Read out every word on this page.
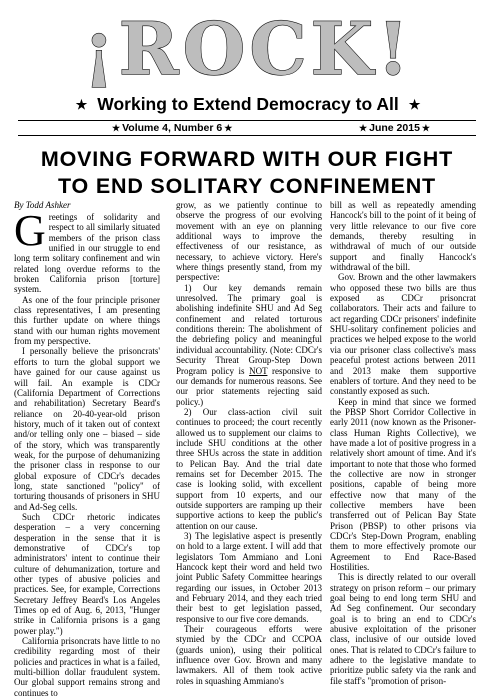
¡ROCK!
★ Working to Extend Democracy to All ★
★ Volume 4, Number 6 ★	★ June 2015 ★
MOVING FORWARD WITH OUR FIGHT
TO END SOLITARY CONFINEMENT
By Todd Ashker

Greetings of solidarity and respect to all similarly situated members of the prison class unified in our struggle to end long term solitary confinement and win related long overdue reforms to the broken California prison [torture] system.

As one of the four principle prisoner class representatives, I am presenting this further update on where things stand with our human rights movement from my perspective.

I personally believe the prisoncrats' efforts to turn the global support we have gained for our cause against us will fail. An example is CDCr (California Department of Corrections and rehabilitation) Secretary Beard's reliance on 20-40-year-old prison history, much of it taken out of context and/or telling only one – biased – side of the story, which was transparently weak, for the purpose of dehumanizing the prisoner class in response to our global exposure of CDCr's decades long, state sanctioned "policy" of torturing thousands of prisoners in SHU and Ad-Seg cells.

Such CDCr rhetoric indicates desperation – a very concerning desperation in the sense that it is demonstrative of CDCr's top administrators' intent to continue their culture of dehumanization, torture and other types of abusive policies and practices. See, for example, Corrections Secretary Jeffrey Beard's Los Angeles Times op ed of Aug. 6, 2013, "Hunger strike in California prisons is a gang power play.")

California prisoncrats have little to no credibility regarding most of their policies and practices in what is a failed, multi-billion dollar fraudulent system. Our global support remains strong and continues to

grow, as we patiently continue to observe the progress of our evolving movement with an eye on planning additional ways to improve the effectiveness of our resistance, as necessary, to achieve victory. Here's where things presently stand, from my perspective:

1) Our key demands remain unresolved. The primary goal is abolishing indefinite SHU and Ad Seg confinement and related torturous conditions therein: The abolishment of the debriefing policy and meaningful individual accountability. (Note: CDCr's Security Threat Group-Step Down Program policy is NOT responsive to our demands for numerous reasons. See our prior statements rejecting said policy.)

2) Our class-action civil suit continues to proceed; the court recently allowed us to supplement our claims to include SHU conditions at the other three SHUs across the state in addition to Pelican Bay. And the trial date remains set for December 2015. The case is looking solid, with excellent support from 10 experts, and our outside supporters are ramping up their supportive actions to keep the public's attention on our cause.

3) The legislative aspect is presently on hold to a large extent. I will add that legislators Tom Ammiano and Loni Hancock kept their word and held two joint Public Safety Committee hearings regarding our issues, in October 2013 and February 2014, and they each tried their best to get legislation passed, responsive to our five core demands.

Their courageous efforts were stymied by the CDCr and CCPOA (guards union), using their political influence over Gov. Brown and many lawmakers. All of them took active roles in squashing Ammiano's

bill as well as repeatedly amending Hancock's bill to the point of it being of very little relevance to our five core demands, thereby resulting in withdrawal of much of our outside support and finally Hancock's withdrawal of the bill.

Gov. Brown and the other lawmakers who opposed these two bills are thus exposed as CDCr prisoncrat collaborators. Their acts and failure to act regarding CDCr prisoners' indefinite SHU-solitary confinement policies and practices we helped expose to the world via our prisoner class collective's mass peaceful protest actions between 2011 and 2013 make them supportive enablers of torture. And they need to be constantly exposed as such.

Keep in mind that since we formed the PBSP Short Corridor Collective in early 2011 (now known as the Prisoner-class Human Rights Collective), we have made a lot of positive progress in a relatively short amount of time. And it's important to note that those who formed the collective are now in stronger positions, capable of being more effective now that many of the collective members have been transferred out of Pelican Bay State Prison (PBSP) to other prisons via CDCr's Step-Down Program, enabling them to more effectively promote our Agreement to End Race-Based Hostilities.

This is directly related to our overall strategy on prison reform – our primary goal being to end long term SHU and Ad Seg confinement. Our secondary goal is to bring an end to CDCr's abusive exploitation of the prisoner class, inclusive of our outside loved ones. That is related to CDCr's failure to adhere to the legislative mandate to prioritize public safety via the rank and file staff's "promotion of prison-
